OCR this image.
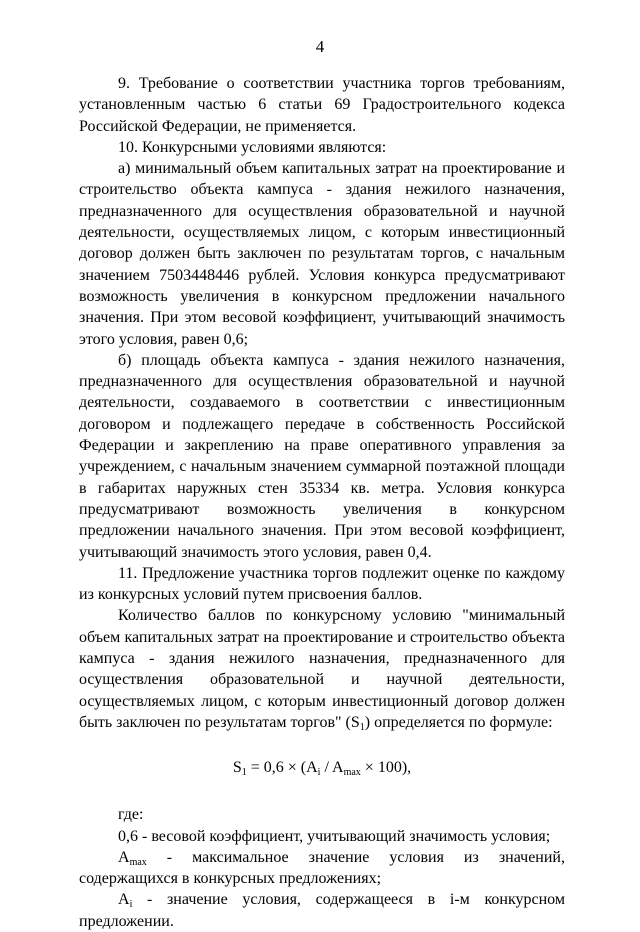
4

9. Требование о соответствии участника торгов требованиям, установленным частью 6 статьи 69 Градостроительного кодекса Российской Федерации, не применяется.

10. Конкурсными условиями являются:

а) минимальный объем капитальных затрат на проектирование и строительство объекта кампуса - здания нежилого назначения, предназначенного для осуществления образовательной и научной деятельности, осуществляемых лицом, с которым инвестиционный договор должен быть заключен по результатам торгов, с начальным значением 7503448446 рублей. Условия конкурса предусматривают возможность увеличения в конкурсном предложении начального значения. При этом весовой коэффициент, учитывающий значимость этого условия, равен 0,6;

б) площадь объекта кампуса - здания нежилого назначения, предназначенного для осуществления образовательной и научной деятельности, создаваемого в соответствии с инвестиционным договором и подлежащего передаче в собственность Российской Федерации и закреплению на праве оперативного управления за учреждением, с начальным значением суммарной поэтажной площади в габаритах наружных стен 35334 кв. метра. Условия конкурса предусматривают возможность увеличения в конкурсном предложении начального значения. При этом весовой коэффициент, учитывающий значимость этого условия, равен 0,4.

11. Предложение участника торгов подлежит оценке по каждому из конкурсных условий путем присвоения баллов.

Количество баллов по конкурсному условию "минимальный объем капитальных затрат на проектирование и строительство объекта кампуса - здания нежилого назначения, предназначенного для осуществления образовательной и научной деятельности, осуществляемых лицом, с которым инвестиционный договор должен быть заключен по результатам торгов" $(S_1)$ определяется по формуле:

$S_1 = 0,6 \times (A_i / A_{max} \times 100)$,

где:

0,6 - весовой коэффициент, учитывающий значимость условия;

$A_{max}$ - максимальное значение условия из значений, содержащихся в конкурсных предложениях;

$A_i$ - значение условия, содержащееся в i-м конкурсном предложении.
